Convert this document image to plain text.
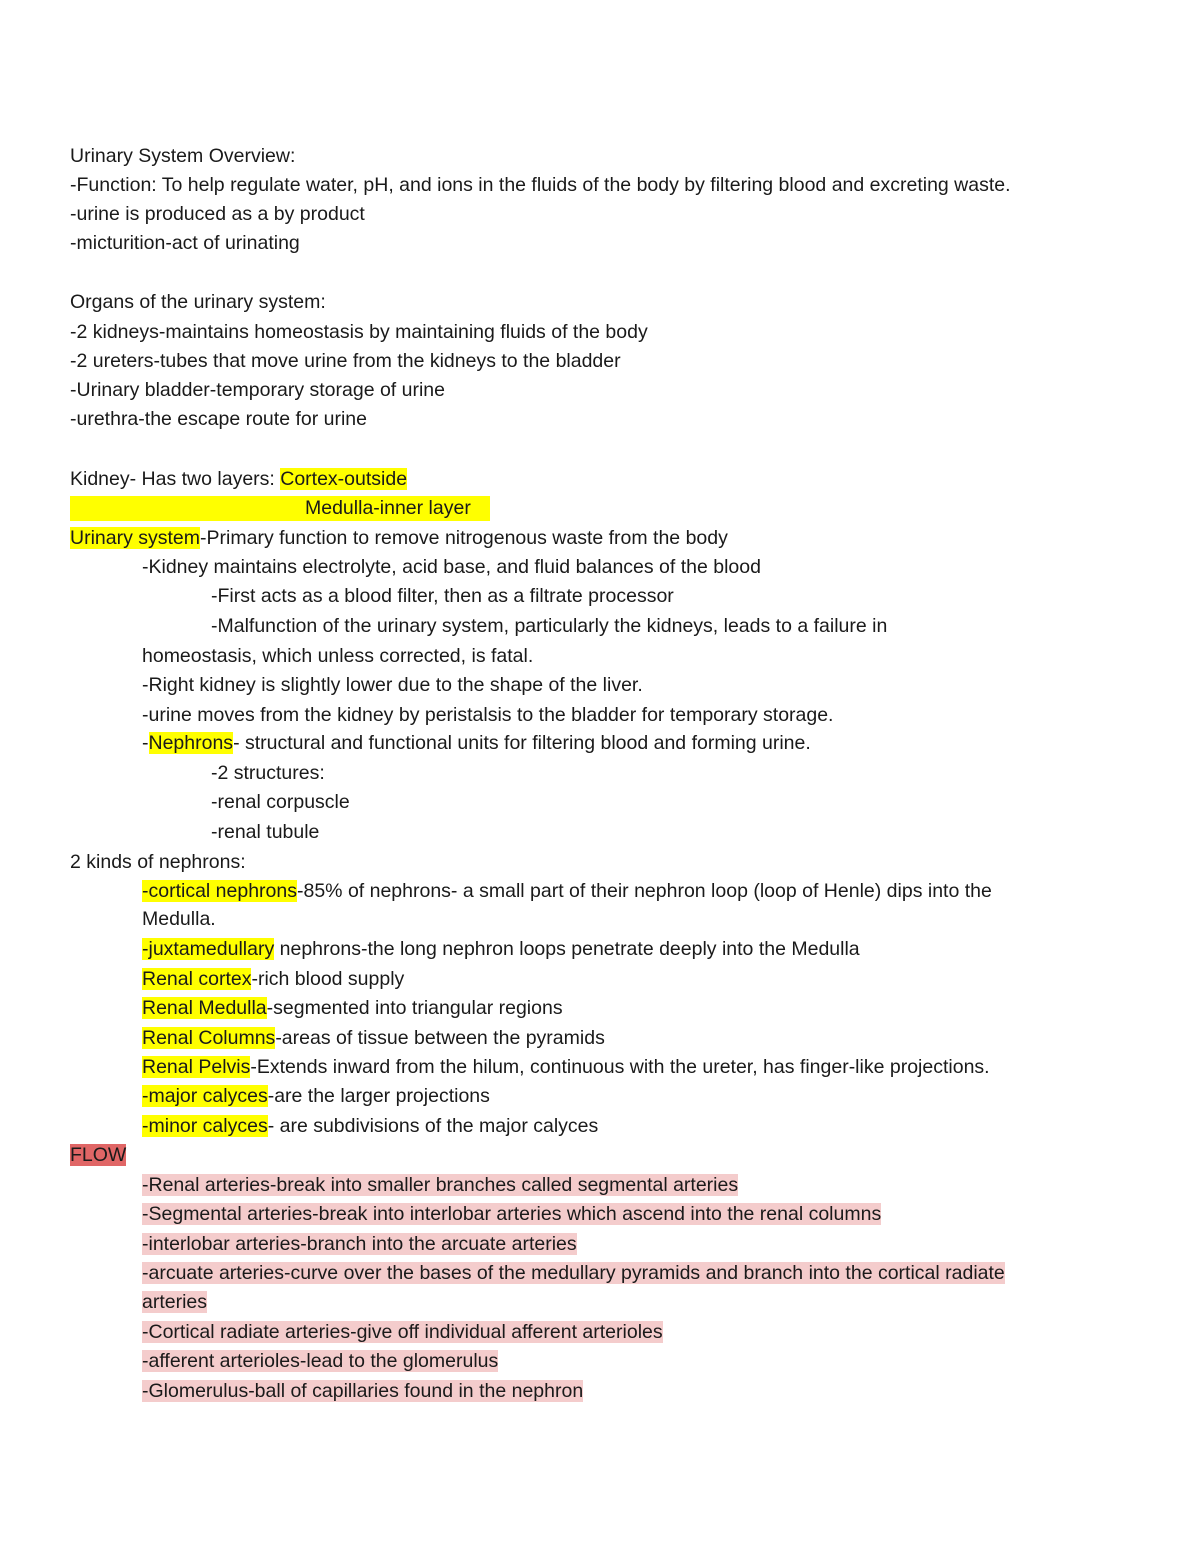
Urinary System Overview:
-Function: To help regulate water, pH, and ions in the fluids of the body by filtering blood and excreting waste.
-urine is produced as a by product
-micturition-act of urinating
Organs of the urinary system:
-2 kidneys-maintains homeostasis by maintaining fluids of the body
-2 ureters-tubes that move urine from the kidneys to the bladder
-Urinary bladder-temporary storage of urine
-urethra-the escape route for urine
Kidney- Has two layers: Cortex-outside
Medulla-inner layer
Urinary system-Primary function to remove nitrogenous waste from the body
-Kidney maintains electrolyte, acid base, and fluid balances of the blood
-First acts as a blood filter, then as a filtrate processor
-Malfunction of the urinary system, particularly the kidneys, leads to a failure in
homeostasis, which unless corrected, is fatal.
-Right kidney is slightly lower due to the shape of the liver.
-urine moves from the kidney by peristalsis to the bladder for temporary storage.
-Nephrons- structural and functional units for filtering blood and forming urine.
-2 structures:
-renal corpuscle
-renal tubule
2 kinds of nephrons:
-cortical nephrons-85% of nephrons- a small part of their nephron loop (loop of Henle) dips into the
Medulla.
-juxtamedullary nephrons-the long nephron loops penetrate deeply into the Medulla
Renal cortex-rich blood supply
Renal Medulla-segmented into triangular regions
Renal Columns-areas of tissue between the pyramids
Renal Pelvis-Extends inward from the hilum, continuous with the ureter, has finger-like projections.
-major calyces-are the larger projections
-minor calyces- are subdivisions of the major calyces
FLOW
-Renal arteries-break into smaller branches called segmental arteries
-Segmental arteries-break into interlobar arteries which ascend into the renal columns
-interlobar arteries-branch into the arcuate arteries
-arcuate arteries-curve over the bases of the medullary pyramids and branch into the cortical radiate
arteries
-Cortical radiate arteries-give off individual afferent arterioles
-afferent arterioles-lead to the glomerulus
-Glomerulus-ball of capillaries found in the nephron
